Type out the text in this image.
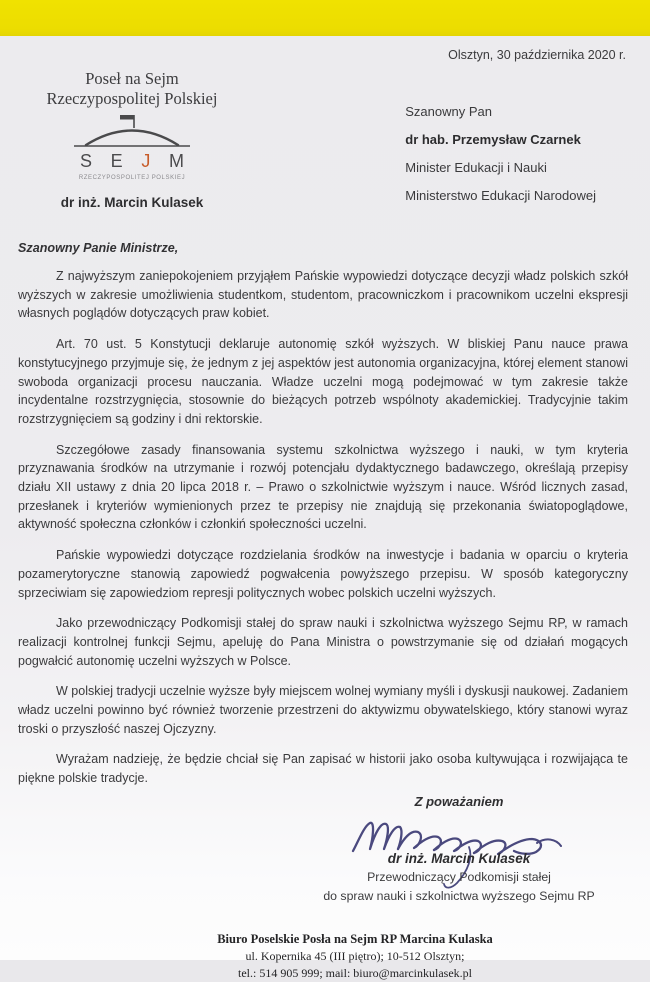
Olsztyn, 30 października 2020 r.
Poseł na Sejm
Rzeczypospolitej Polskiej
S E J M
RZECZYPOSPOLITEJ POLSKIEJ
dr inż. Marcin Kulasek

Szanowny Pan

dr hab. Przemysław Czarnek

Minister Edukacji i Nauki

Ministerstwo Edukacji Narodowej

Szanowny Panie Ministrze,

Z najwyższym zaniepokojeniem przyjąłem Pańskie wypowiedzi dotyczące decyzji władz polskich szkół wyższych w zakresie umożliwienia studentkom, studentom, pracowniczkom i pracownikom uczelni ekspresji własnych poglądów dotyczących praw kobiet.

Art. 70 ust. 5 Konstytucji deklaruje autonomię szkół wyższych. W bliskiej Panu nauce prawa konstytucyjnego przyjmuje się, że jednym z jej aspektów jest autonomia organizacyjna, której element stanowi swoboda organizacji procesu nauczania. Władze uczelni mogą podejmować w tym zakresie także incydentalne rozstrzygnięcia, stosownie do bieżących potrzeb wspólnoty akademickiej. Tradycyjnie takim rozstrzygnięciem są godziny i dni rektorskie.

Szczegółowe zasady finansowania systemu szkolnictwa wyższego i nauki, w tym kryteria przyznawania środków na utrzymanie i rozwój potencjału dydaktycznego badawczego, określają przepisy działu XII ustawy z dnia 20 lipca 2018 r. – Prawo o szkolnictwie wyższym i nauce. Wśród licznych zasad, przesłanek i kryteriów wymienionych przez te przepisy nie znajdują się przekonania światopoglądowe, aktywność społeczna członków i członkiń społeczności uczelni.

Pańskie wypowiedzi dotyczące rozdzielania środków na inwestycje i badania w oparciu o kryteria pozamerytoryczne stanowią zapowiedź pogwałcenia powyższego przepisu. W sposób kategoryczny sprzeciwiam się zapowiedziom represji politycznych wobec polskich uczelni wyższych.

Jako przewodniczący Podkomisji stałej do spraw nauki i szkolnictwa wyższego Sejmu RP, w ramach realizacji kontrolnej funkcji Sejmu, apeluję do Pana Ministra o powstrzymanie się od działań mogących pogwałcić autonomię uczelni wyższych w Polsce.

W polskiej tradycji uczelnie wyższe były miejscem wolnej wymiany myśli i dyskusji naukowej. Zadaniem władz uczelni powinno być również tworzenie przestrzeni do aktywizmu obywatelskiego, który stanowi wyraz troski o przyszłość naszej Ojczyzny.

Wyrażam nadzieję, że będzie chciał się Pan zapisać w historii jako osoba kultywująca i rozwijająca te piękne polskie tradycje.

Z poważaniem

dr inż. Marcin Kulasek

Przewodniczący Podkomisji stałej

do spraw nauki i szkolnictwa wyższego Sejmu RP

Biuro Poselskie Posła na Sejm RP Marcina Kulaska

ul. Kopernika 45 (III piętro); 10-512 Olsztyn;

tel.: 514 905 999; mail: biuro@marcinkulasek.pl
